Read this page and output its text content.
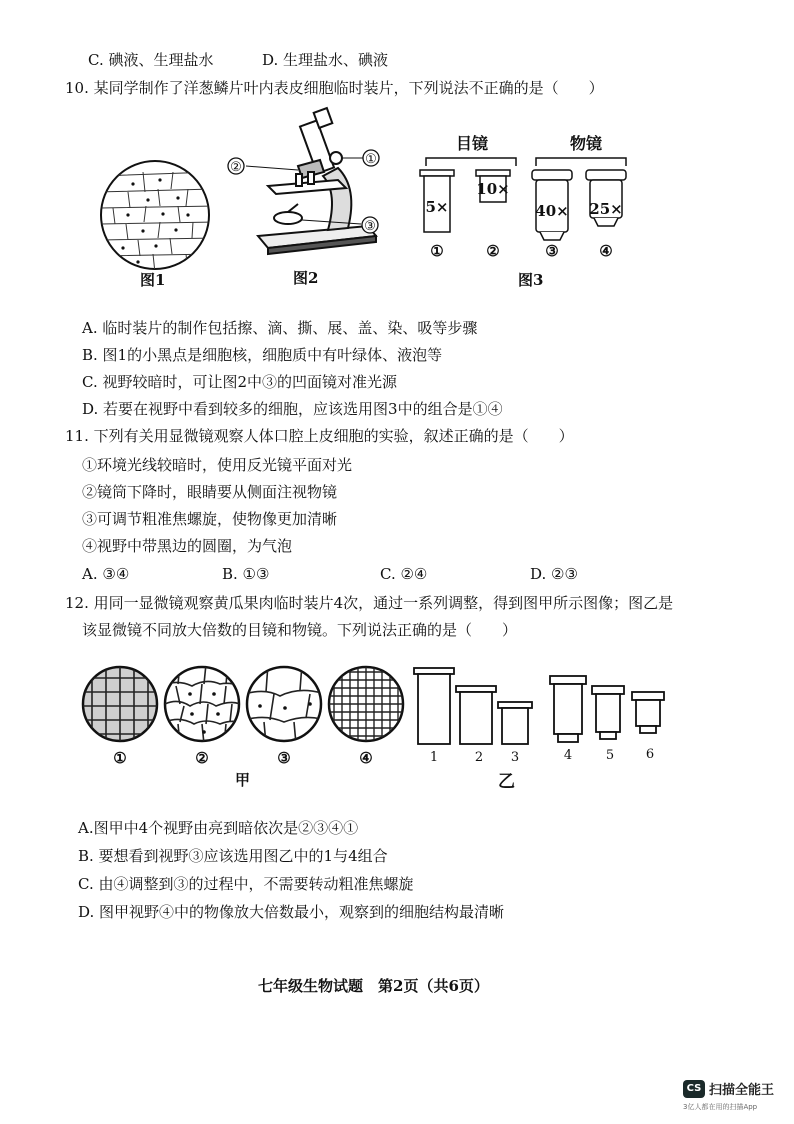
C. 碘液、生理盐水	D. 生理盐水、碘液
10. 某同学制作了洋葱鳞片叶内表皮细胞临时装片，下列说法不正确的是（　　）
图1
①
②
③
图2
目镜	物镜
5×
10×
40× 25×
①	②	③	④
图3
A. 临时装片的制作包括擦、滴、撕、展、盖、染、吸等步骤
B. 图1的小黑点是细胞核，细胞质中有叶绿体、液泡等
C. 视野较暗时，可让图2中③的凹面镜对准光源
D. 若要在视野中看到较多的细胞，应该选用图3中的组合是①④
11. 下列有关用显微镜观察人体口腔上皮细胞的实验，叙述正确的是（　　）
①环境光线较暗时，使用反光镜平面对光
②镜筒下降时，眼睛要从侧面注视物镜
③可调节粗准焦螺旋，使物像更加清晰
④视野中带黑边的圆圈，为气泡
A. ③④	B. ①③	C. ②④	D. ②③
12. 用同一显微镜观察黄瓜果肉临时装片4次，通过一系列调整，得到图甲所示图像；图乙是
该显微镜不同放大倍数的目镜和物镜。下列说法正确的是（　　）
①	②	③	④
甲
1	2 3	4	5 6
乙
A.图甲中4个视野由亮到暗依次是②③④①
B. 要想看到视野③应该选用图乙中的1与4组合
C. 由④调整到③的过程中，不需要转动粗准焦螺旋
D. 图甲视野④中的物像放大倍数最小，观察到的细胞结构最清晰
七年级生物试题　第2页（共6页）
CS 扫描全能王
3亿人都在用的扫描App
